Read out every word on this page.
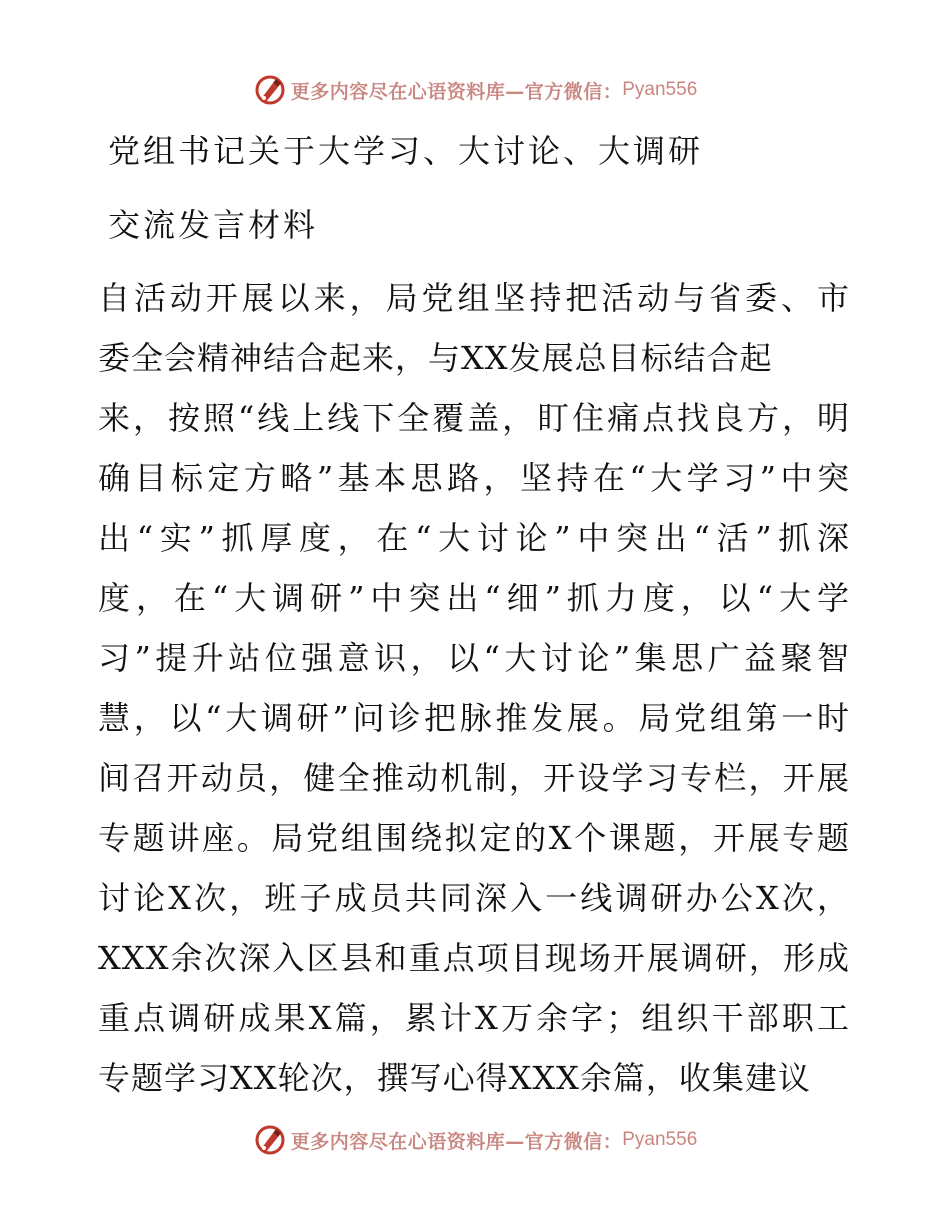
更多内容尽在心语资料库—官方微信： Pyan556
党组书记关于大学习、大讨论、大调研
交流发言材料
自活动开展以来，局党组坚持把活动与省委、市
委全会精神结合起来，与XX发展总目标结合起
来，按照“线上线下全覆盖，盯住痛点找良方，明
确目标定方略”基本思路，坚持在“大学习”中突
出“实”抓厚度，在“大讨论”中突出“活”抓深
度，在“大调研”中突出“细”抓力度，以“大学
习”提升站位强意识，以“大讨论”集思广益聚智
慧，以“大调研”问诊把脉推发展。局党组第一时
间召开动员，健全推动机制，开设学习专栏，开展
专题讲座。局党组围绕拟定的X个课题，开展专题
讨论X次，班子成员共同深入一线调研办公X次，
XXX余次深入区县和重点项目现场开展调研，形成
重点调研成果X篇，累计X万余字；组织干部职工
专题学习XX轮次，撰写心得XXX余篇，收集建议
更多内容尽在心语资料库—官方微信： Pyan556
